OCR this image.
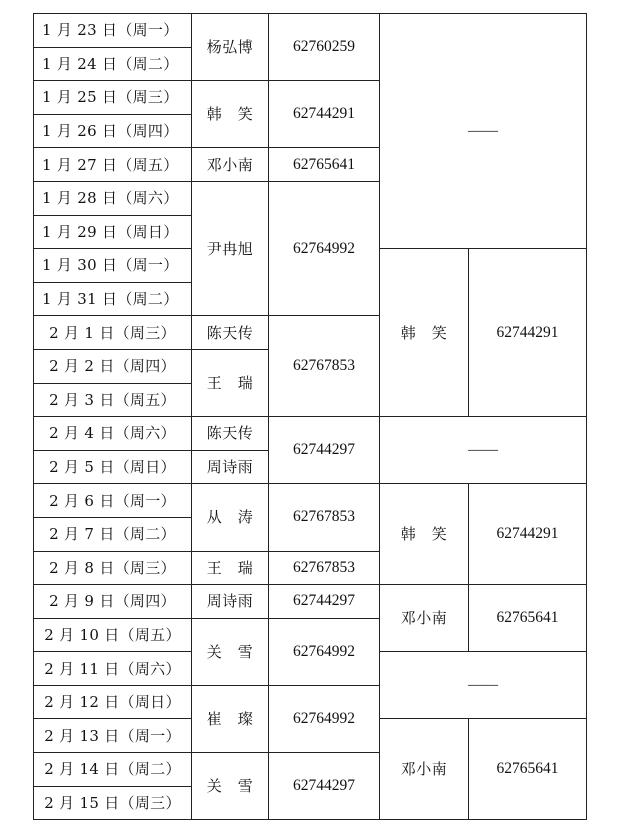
1 月 23 日（周一）	杨弘博	62760259	——	
1 月 24 日（周二）				
1 月 25 日（周三）	韩　笑	62744291		
1 月 26 日（周四）				
1 月 27 日（周五）	邓小南	62765641		
1 月 28 日（周六）	尹冉旭	62764992		
1 月 29 日（周日）				
1 月 30 日（周一）			韩　笑	62744291
1 月 31 日（周二）				
2 月 1 日（周三）	陈天传	62767853		
2 月 2 日（周四）	王　瑞			
2 月 3 日（周五）				
2 月 4 日（周六）	陈天传	62744297	——	
2 月 5 日（周日）	周诗雨			
2 月 6 日（周一）	从　涛	62767853	韩　笑	62744291
2 月 7 日（周二）				
2 月 8 日（周三）	王　瑞	62767853		
2 月 9 日（周四）	周诗雨	62744297	邓小南	62765641
2 月 10 日（周五）	关　雪	62764992		
2 月 11 日（周六）			——	
2 月 12 日（周日）	崔　璨	62764992		
2 月 13 日（周一）			邓小南	62765641
2 月 14 日（周二）	关　雪	62744297		
2 月 15 日（周三）				
